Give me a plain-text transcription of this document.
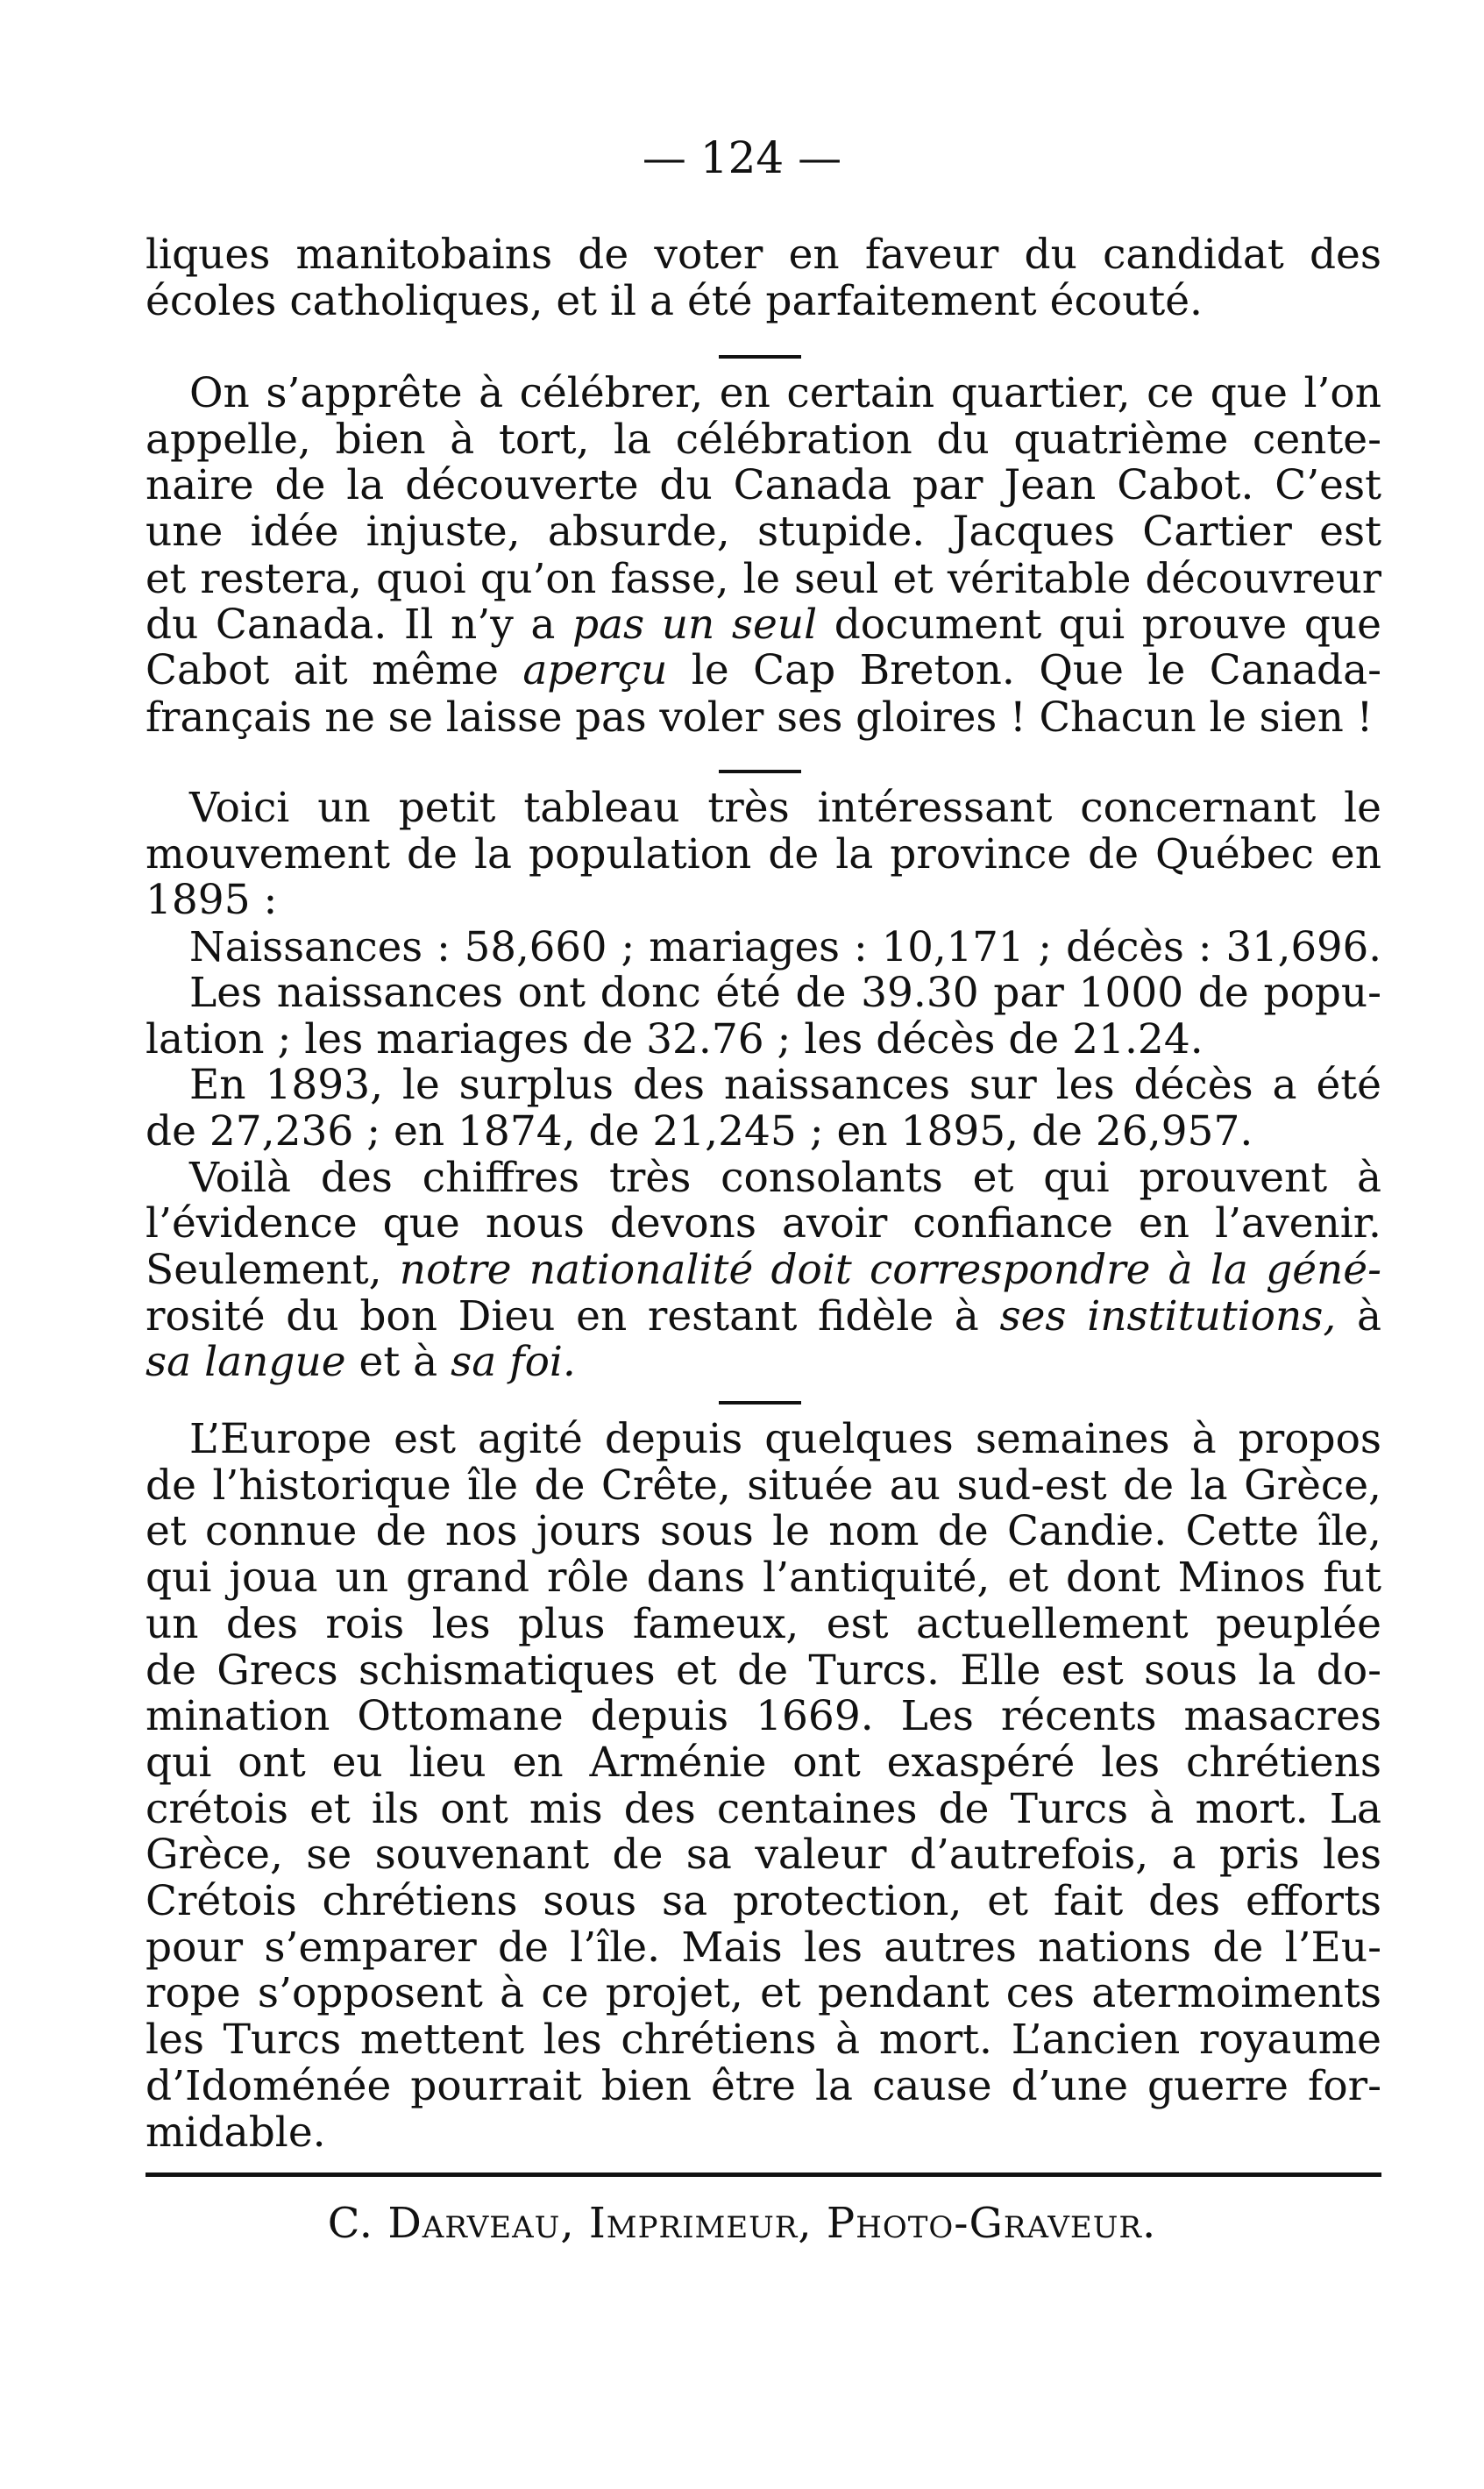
— 124 —
liques manitobains de voter en faveur du candidat des
écoles catholiques, et il a été parfaitement écouté.
On s’apprête à célébrer, en certain quartier, ce que l’on
appelle, bien à tort, la célébration du quatrième cente-
naire de la découverte du Canada par Jean Cabot. C’est
une idée injuste, absurde, stupide. Jacques Cartier est
et restera, quoi qu’on fasse, le seul et véritable découvreur
du Canada. Il n’y a pas un seul document qui prouve que
Cabot ait même aperçu le Cap Breton. Que le Canada-
français ne se laisse pas voler ses gloires ! Chacun le sien !
Voici un petit tableau très intéressant concernant le
mouvement de la population de la province de Québec en
1895 :
Naissances : 58,660 ; mariages : 10,171 ; décès : 31,696.
Les naissances ont donc été de 39.30 par 1000 de popu-
lation ; les mariages de 32.76 ; les décès de 21.24.
En 1893, le surplus des naissances sur les décès a été
de 27,236 ; en 1874, de 21,245 ; en 1895, de 26,957.
Voilà des chiffres très consolants et qui prouvent à
l’évidence que nous devons avoir confiance en l’avenir.
Seulement, notre nationalité doit correspondre à la géné-
rosité du bon Dieu en restant fidèle à ses institutions, à
sa langue et à sa foi.
L’Europe est agité depuis quelques semaines à propos
de l’historique île de Crête, située au sud-est de la Grèce,
et connue de nos jours sous le nom de Candie. Cette île,
qui joua un grand rôle dans l’antiquité, et dont Minos fut
un des rois les plus fameux, est actuellement peuplée
de Grecs schismatiques et de Turcs. Elle est sous la do-
mination Ottomane depuis 1669. Les récents masacres
qui ont eu lieu en Arménie ont exaspéré les chrétiens
crétois et ils ont mis des centaines de Turcs à mort. La
Grèce, se souvenant de sa valeur d’autrefois, a pris les
Crétois chrétiens sous sa protection, et fait des efforts
pour s’emparer de l’île. Mais les autres nations de l’Eu-
rope s’opposent à ce projet, et pendant ces atermoiments
les Turcs mettent les chrétiens à mort. L’ancien royaume
d’Idoménée pourrait bien être la cause d’une guerre for-
midable.
C. Darveau, Imprimeur, Photo-Graveur.
